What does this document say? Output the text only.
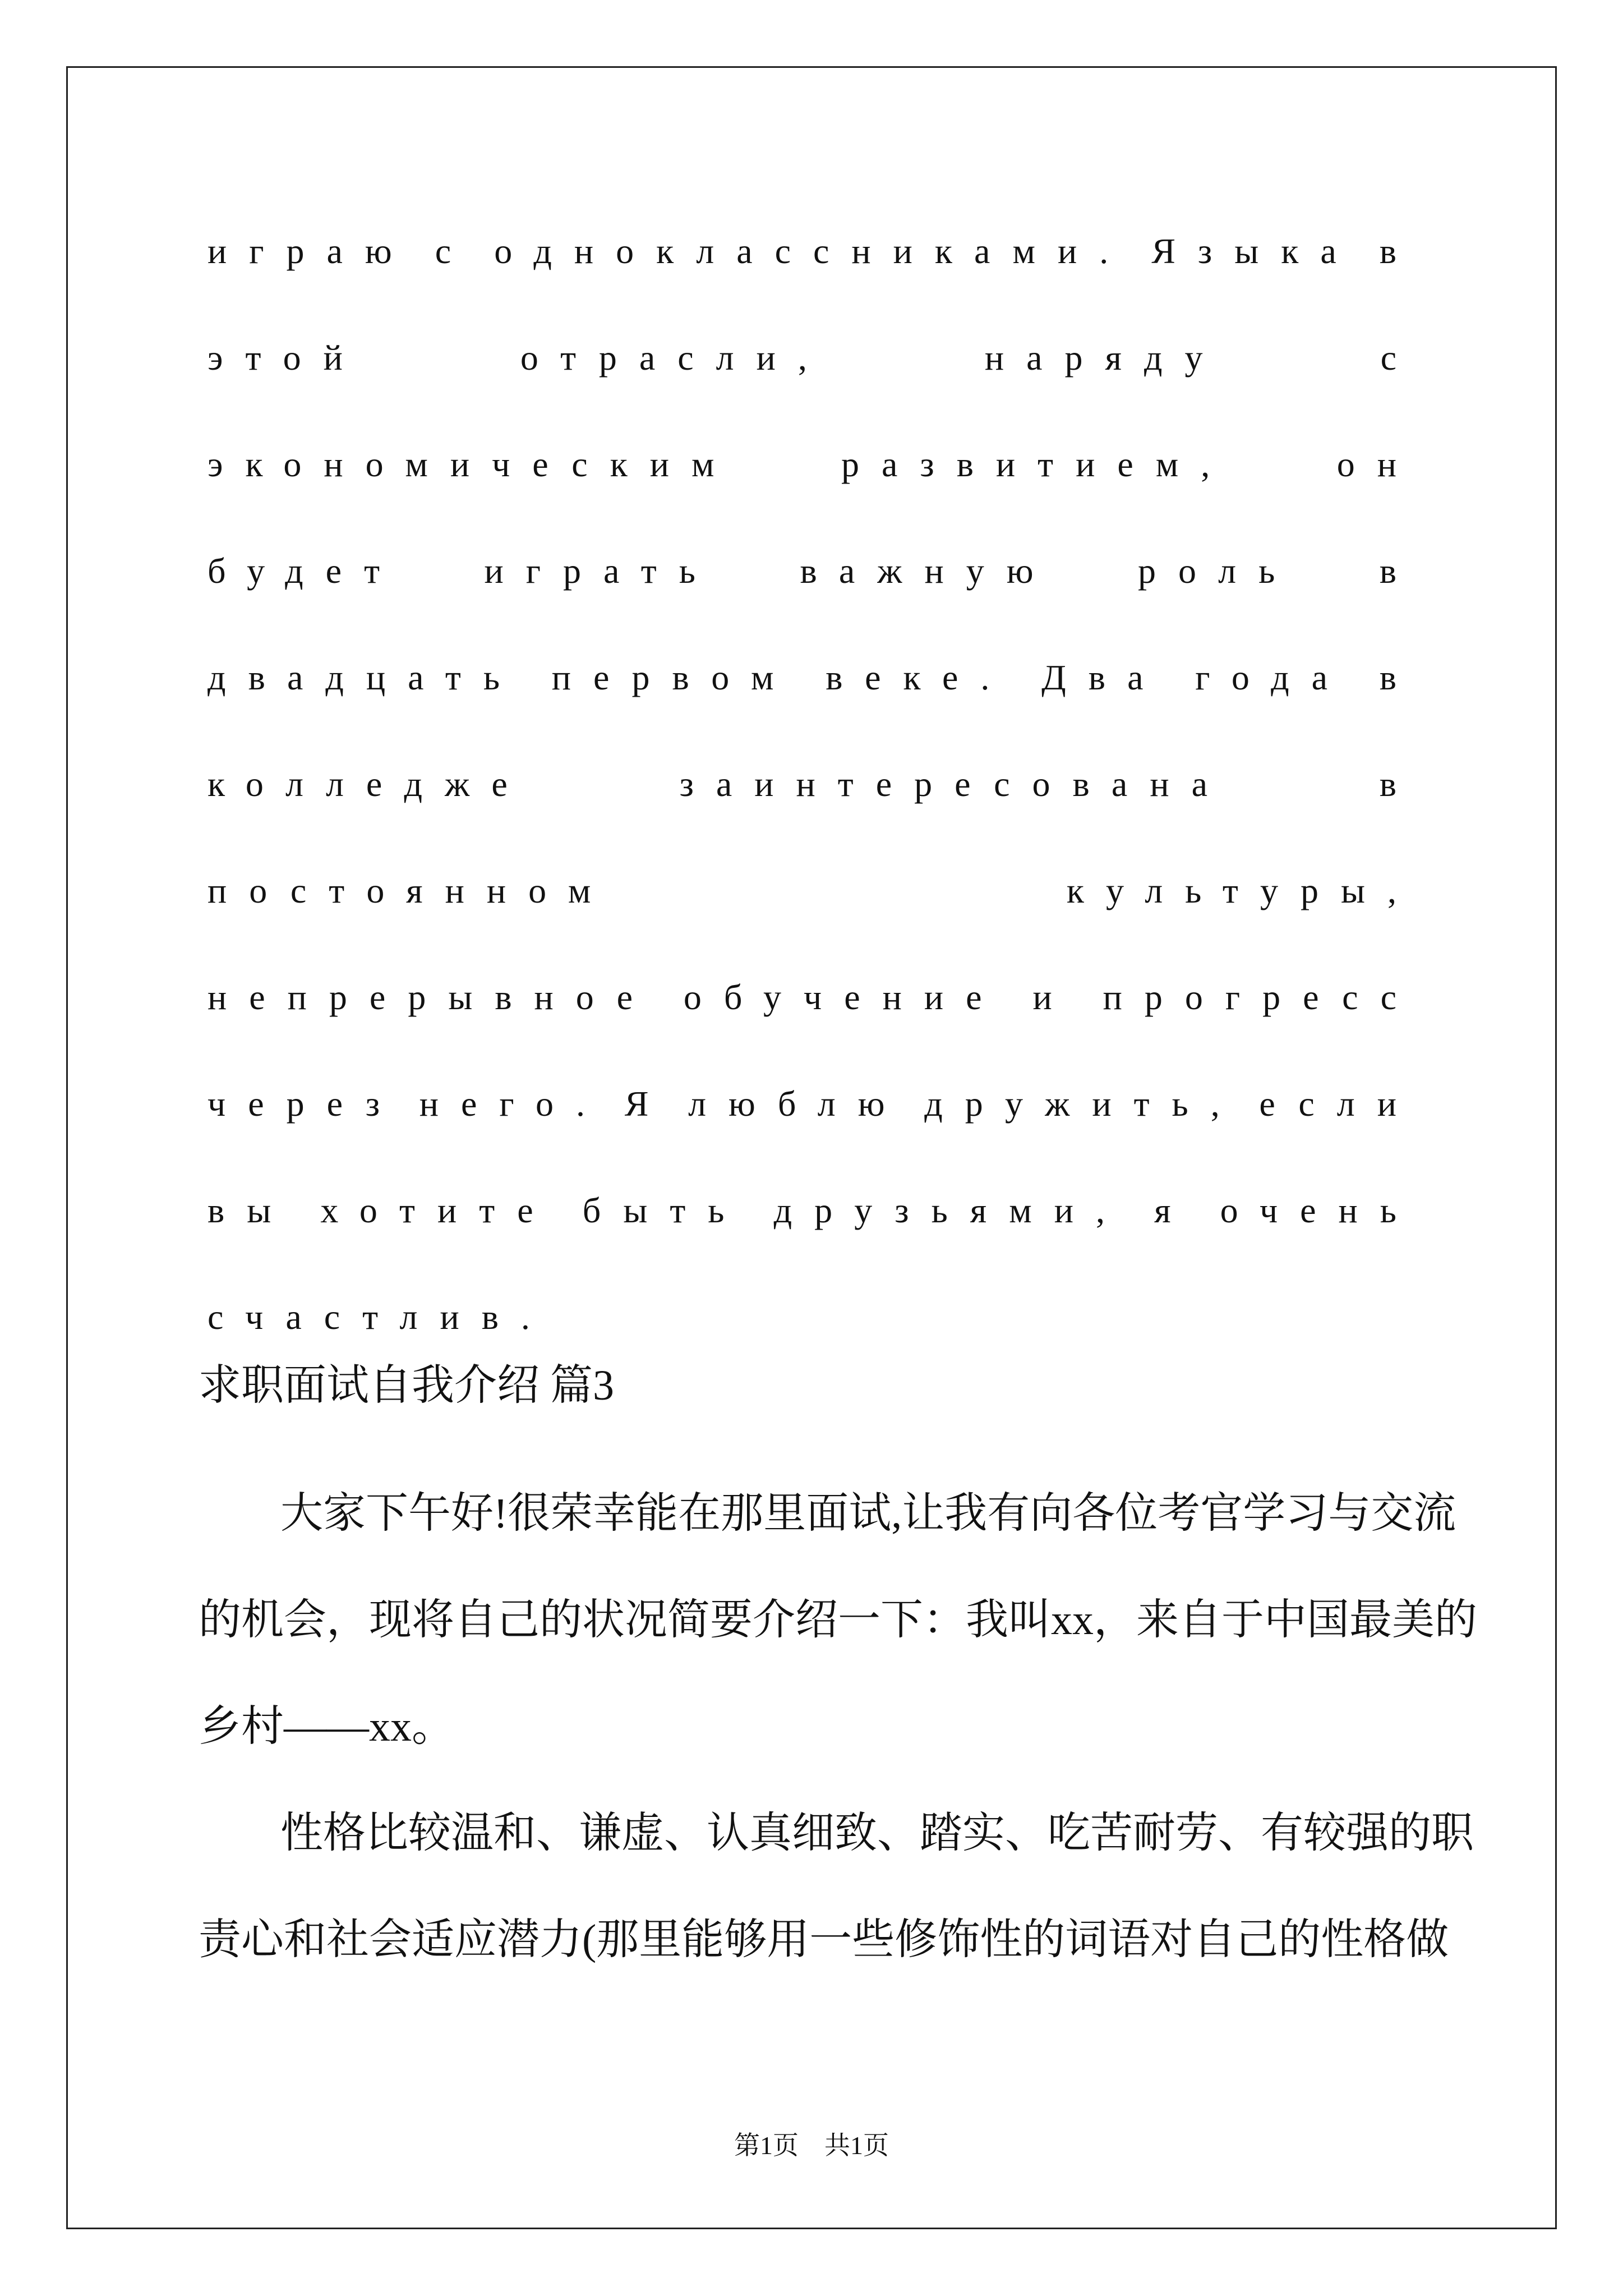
играю с одноклассниками. Языка в
этой	отрасли,	наряду	с
экономическим	развитием,	он
будет играть важную роль в
двадцать первом веке. Два года в
колледже	заинтересована	в
постоянном	культуры,
непрерывное обучение и прогресс
через него. Я люблю дружить, если
вы хотите быть друзьями, я очень
счастлив.
求职面试自我介绍 篇3
大家下午好!很荣幸能在那里面试,让我有向各位考官学习与交流
的机会，现将自己的状况简要介绍一下：我叫xx，来自于中国最美的
乡村——xx。
性格比较温和、谦虚、认真细致、踏实、吃苦耐劳、有较强的职
责心和社会适应潜力(那里能够用一些修饰性的词语对自己的性格做
第1页　共1页
